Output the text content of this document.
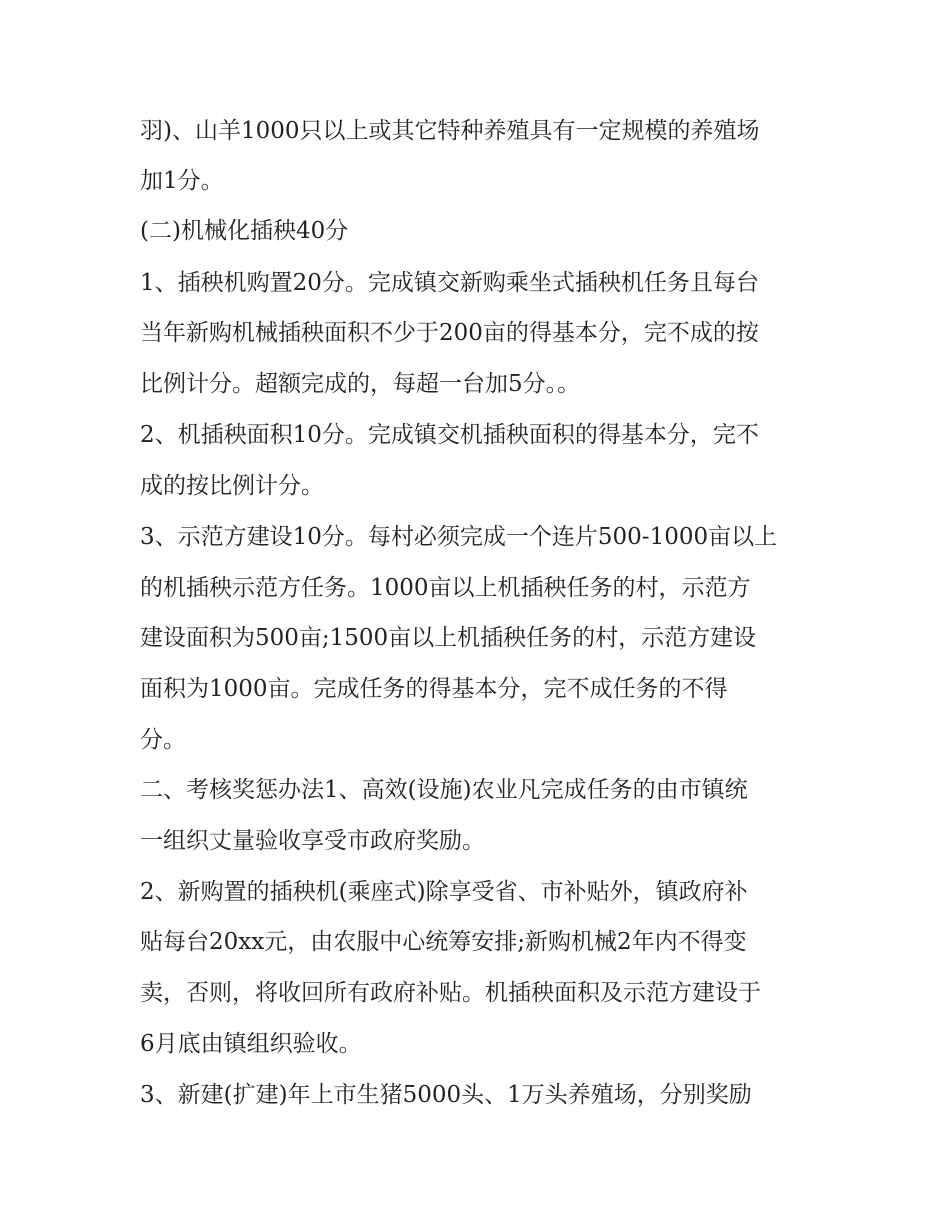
羽)、山羊1000只以上或其它特种养殖具有一定规模的养殖场

加1分。

(二)机械化插秧40分

1、插秧机购置20分。完成镇交新购乘坐式插秧机任务且每台

当年新购机械插秧面积不少于200亩的得基本分，完不成的按

比例计分。超额完成的，每超一台加5分。。

2、机插秧面积10分。完成镇交机插秧面积的得基本分，完不

成的按比例计分。

3、示范方建设10分。每村必须完成一个连片500-1000亩以上

的机插秧示范方任务。1000亩以上机插秧任务的村，示范方

建设面积为500亩;1500亩以上机插秧任务的村，示范方建设

面积为1000亩。完成任务的得基本分，完不成任务的不得

分。

二、考核奖惩办法1、高效(设施)农业凡完成任务的由市镇统

一组织丈量验收享受市政府奖励。

2、新购置的插秧机(乘座式)除享受省、市补贴外，镇政府补

贴每台20xx元，由农服中心统筹安排;新购机械2年内不得变

卖，否则，将收回所有政府补贴。机插秧面积及示范方建设于

6月底由镇组织验收。

3、新建(扩建)年上市生猪5000头、1万头养殖场，分别奖励
